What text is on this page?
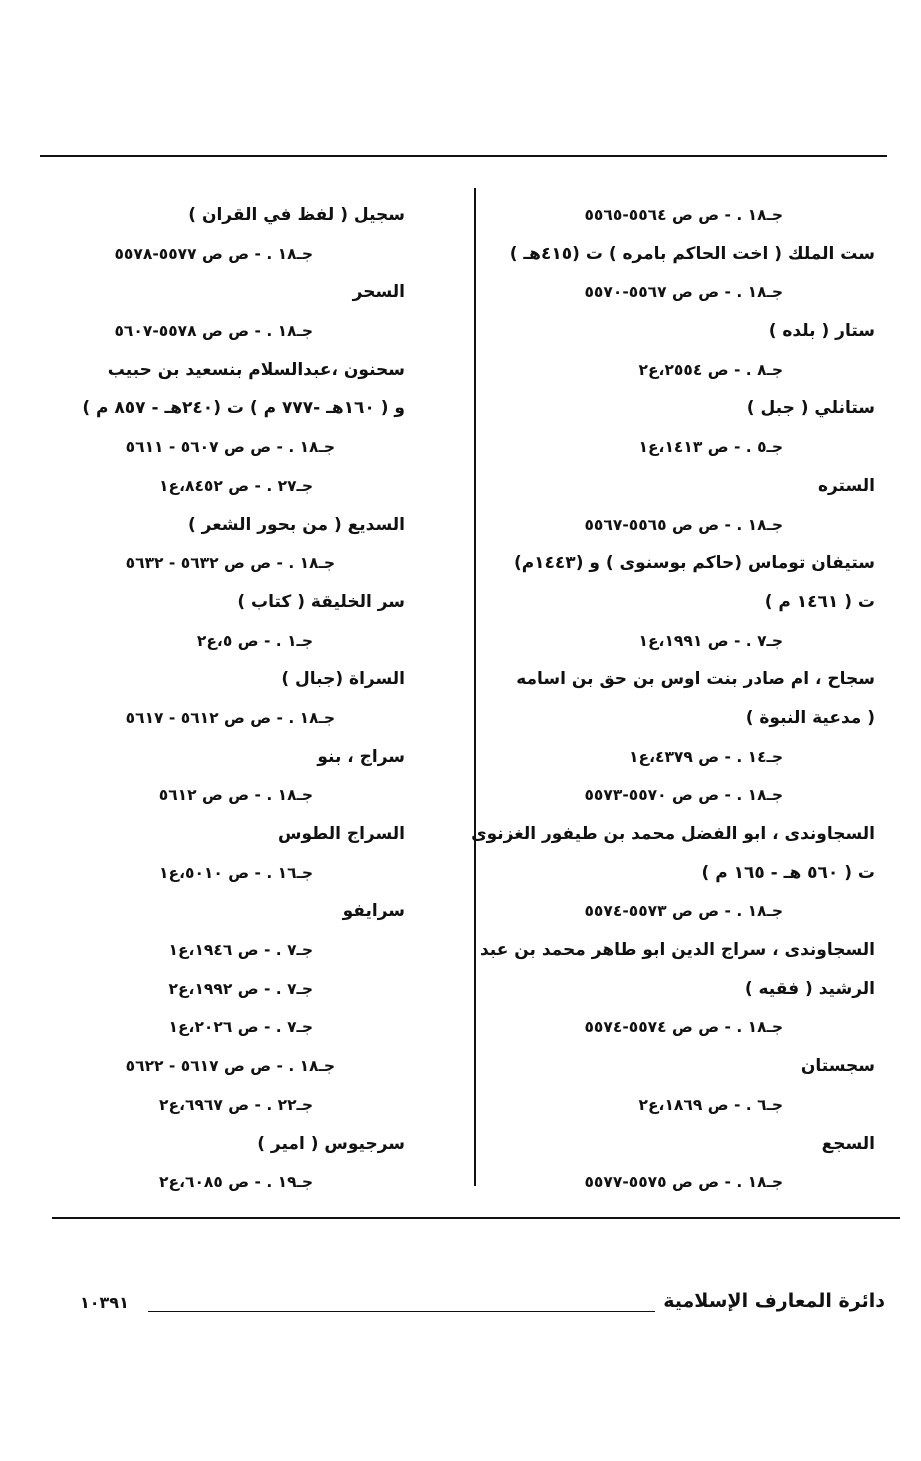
جـ١٨ . - ص ص ٥٥٦٤-٥٥٦٥
ست الملك ( اخت الحاكم بامره ) ت (٤١٥هـ )
جـ١٨ . - ص ص ٥٥٦٧-٥٥٧٠
ستار ( بلده )
جـ٨ . - ص ٢٥٥٤،ع٢
ستانلي ( جبل )
جـ٥ . - ص ١٤١٣،ع١
الستره
جـ١٨ . - ص ص ٥٥٦٥-٥٥٦٧
ستيفان توماس (حاكم بوسنوى ) و (١٤٤٣م)
ت ( ١٤٦١ م )
جـ٧ . - ص ١٩٩١،ع١
سجاح ، ام صادر بنت اوس بن حق بن اسامه
( مدعية النبوة )
جـ١٤ . - ص ٤٣٧٩،ع١
جـ١٨ . - ص ص ٥٥٧٠-٥٥٧٣
السجاوندى ، ابو الفضل محمد بن طيفور الغزنوى
ت ( ٥٦٠ هـ - ١٦٥ م )
جـ١٨ . - ص ص ٥٥٧٣-٥٥٧٤
السجاوندى ، سراج الدين ابو طاهر محمد بن عبد
الرشيد ( فقيه )
جـ١٨ . - ص ص ٥٥٧٤-٥٥٧٤
سجستان
جـ٦ . - ص ١٨٦٩،ع٢
السجع
جـ١٨ . - ص ص ٥٥٧٥-٥٥٧٧
سجيل ( لفظ في القران )
جـ١٨ . - ص ص ٥٥٧٧-٥٥٧٨
السحر
جـ١٨ . - ص ص ٥٥٧٨-٥٦٠٧
سحنون ،عبدالسلام بنسعيد بن حبيب
و ( ١٦٠هـ -٧٧٧ م ) ت (٢٤٠هـ - ٨٥٧ م )
جـ١٨ . - ص ص ٥٦٠٧ - ٥٦١١
جـ٢٧ . - ص ٨٤٥٢،ع١
السديع ( من بحور الشعر )
جـ١٨ . - ص ص ٥٦٣٢ - ٥٦٣٢
سر الخليقة ( كتاب )
جـ١ . - ص ٥،ع٢
السراة (جبال )
جـ١٨ . - ص ص ٥٦١٢ - ٥٦١٧
سراج ، بنو
جـ١٨ . - ص ص ٥٦١٢
السراج الطوس
جـ١٦ . - ص ٥٠١٠،ع١
سرايفو
جـ٧ . - ص ١٩٤٦،ع١
جـ٧ . - ص ١٩٩٢،ع٢
جـ٧ . - ص ٢٠٢٦،ع١
جـ١٨ . - ص ص ٥٦١٧ - ٥٦٢٢
جـ٢٢ . - ص ٦٩٦٧،ع٢
سرجيوس ( امير )
جـ١٩ . - ص ٦٠٨٥،ع٢
دائرة المعارف الإسلامية
١٠٣٩١
